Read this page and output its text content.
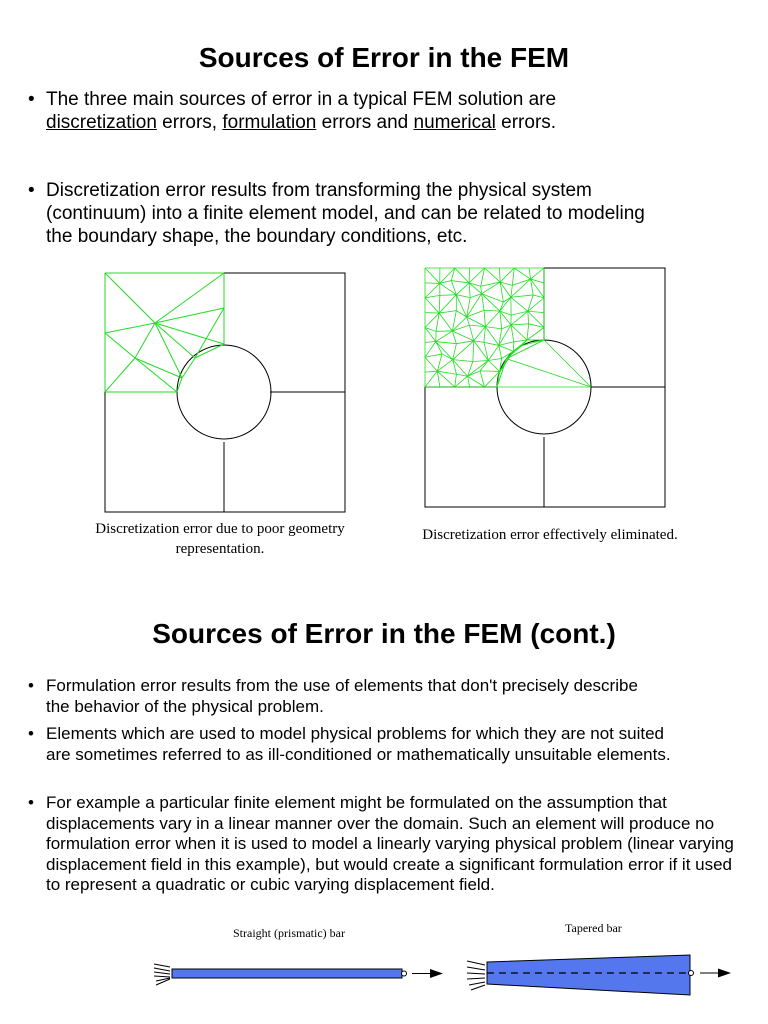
Sources of Error in the FEM
• The three main sources of error in a typical FEM solution are
discretization errors, formulation errors and numerical errors.
• Discretization error results from transforming the physical system (continuum) into a finite element model, and can be related to modeling the boundary shape, the boundary conditions, etc.
Discretization error due to poor geometry representation.
Discretization error effectively eliminated.
Sources of Error in the FEM (cont.)
• Formulation error results from the use of elements that don't precisely describe the behavior of the physical problem.
• Elements which are used to model physical problems for which they are not suited are sometimes referred to as ill-conditioned or mathematically unsuitable elements.
• For example a particular finite element might be formulated on the assumption that displacements vary in a linear manner over the domain. Such an element will produce no formulation error when it is used to model a linearly varying physical problem (linear varying displacement field in this example), but would create a significant formulation error if it used to represent a quadratic or cubic varying displacement field.
Straight (prismatic) bar	Tapered bar
